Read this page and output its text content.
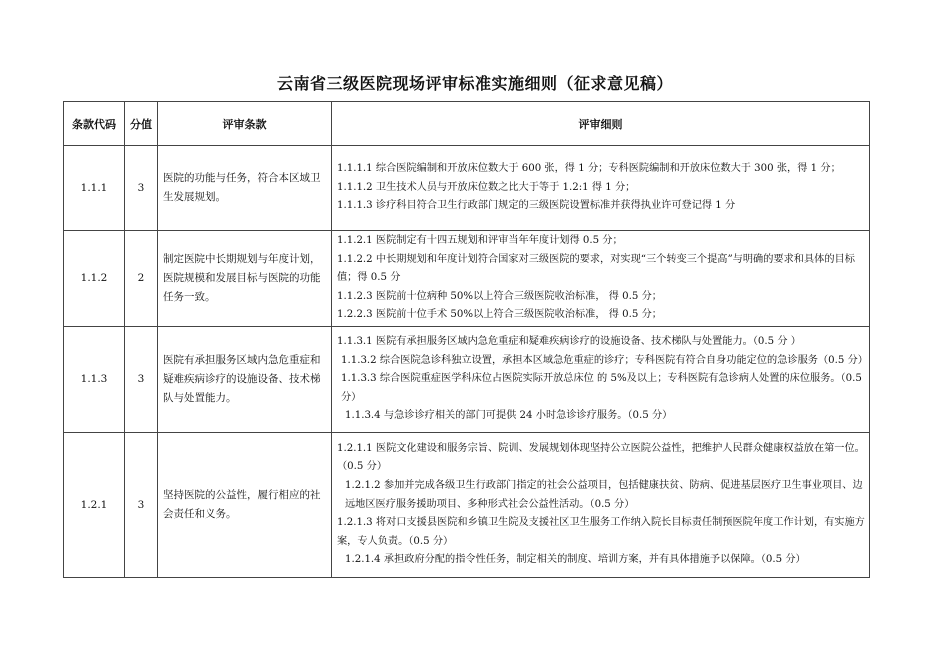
云南省三级医院现场评审标准实施细则（征求意见稿）
条款代码	分值	评审条款	评审细则
1.1.1	3	医院的功能与任务，符合本区域卫生发展规划。	1.1.1.1 综合医院编制和开放床位数大于 600 张，得 1 分；专科医院编制和开放床位数大于 300 张，得 1 分；

1.1.1.2 卫生技术人员与开放床位数之比大于等于 1.2:1 得 1 分；

1.1.1.3 诊疗科目符合卫生行政部门规定的三级医院设置标准并获得执业许可登记得 1 分

1.1.2	2	制定医院中长期规划与年度计划，医院规模和发展目标与医院的功能任务一致。	1.1.2.1 医院制定有十四五规划和评审当年年度计划得 0.5 分；

1.1.2.2 中长期规划和年度计划符合国家对三级医院的要求，对实现“三个转变三个提高”与明确的要求和具体的目标值；得 0.5 分

1.1.2.3 医院前十位病种 50%以上符合三级医院收治标准， 得 0.5 分；

1.2.2.3 医院前十位手术 50%以上符合三级医院收治标准， 得 0.5 分；

1.1.3	3	医院有承担服务区域内急危重症和疑难疾病诊疗的设施设备、技术梯队与处置能力。	1.1.3.1 医院有承担服务区域内急危重症和疑难疾病诊疗的设施设备、技术梯队与处置能力。（0.5 分 ）

1.1.3.2 综合医院急诊科独立设置，承担本区域急危重症的诊疗；专科医院有符合自身功能定位的急诊服务（0.5 分）

1.1.3.3 综合医院重症医学科床位占医院实际开放总床位 的 5%及以上；专科医院有急诊病人处置的床位服务。（0.5 分）

1.1.3.4 与急诊诊疗相关的部门可提供 24 小时急诊诊疗服务。（0.5 分）

1.2.1	3	坚持医院的公益性，履行相应的社会责任和义务。	1.2.1.1 医院文化建设和服务宗旨、院训、发展规划体现坚持公立医院公益性，把维护人民群众健康权益放在第一位。（0.5 分）

1.2.1.2 参加并完成各级卫生行政部门指定的社会公益项目，包括健康扶贫、防病、促进基层医疗卫生事业项目、边远地区医疗服务援助项目、多种形式社会公益性活动。（0.5 分）

1.2.1.3 将对口支援县医院和乡镇卫生院及支援社区卫生服务工作纳入院长目标责任制预医院年度工作计划，有实施方案，专人负责。（0.5 分）

1.2.1.4 承担政府分配的指令性任务，制定相关的制度、培训方案，并有具体措施予以保障。（0.5 分）
